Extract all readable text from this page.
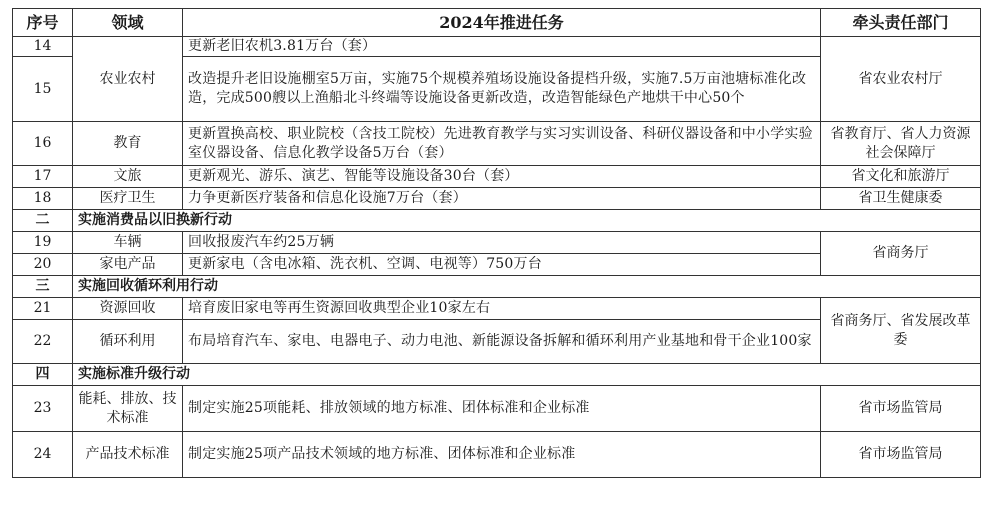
序号	领域	2024年推进任务	牵头责任部门
14	农业农村	更新老旧农机3.81万台（套）	省农业农村厅
15		改造提升老旧设施棚室5万亩，实施75个规模养殖场设施设备提档升级，实施7.5万亩池塘标准化改造，完成500艘以上渔船北斗终端等设施设备更新改造，改造智能绿色产地烘干中心50个	
16	教育	更新置换高校、职业院校（含技工院校）先进教育教学与实习实训设备、科研仪器设备和中小学实验室仪器设备、信息化教学设备5万台（套）	省教育厅、省人力资源社会保障厅
17	文旅	更新观光、游乐、演艺、智能等设施设备30台（套）	省文化和旅游厅
18	医疗卫生	力争更新医疗装备和信息化设施7万台（套）	省卫生健康委
二	实施消费品以旧换新行动		
19	车辆	回收报废汽车约25万辆	省商务厅
20	家电产品	更新家电（含电冰箱、洗衣机、空调、电视等）750万台	
三	实施回收循环利用行动		
21	资源回收	培育废旧家电等再生资源回收典型企业10家左右	省商务厅、省发展改革委
22	循环利用	布局培育汽车、家电、电器电子、动力电池、新能源设备拆解和循环利用产业基地和骨干企业100家	
四	实施标准升级行动		
23	能耗、排放、技术标准	制定实施25项能耗、排放领域的地方标准、团体标准和企业标准	省市场监管局
24	产品技术标准	制定实施25项产品技术领域的地方标准、团体标准和企业标准	省市场监管局
